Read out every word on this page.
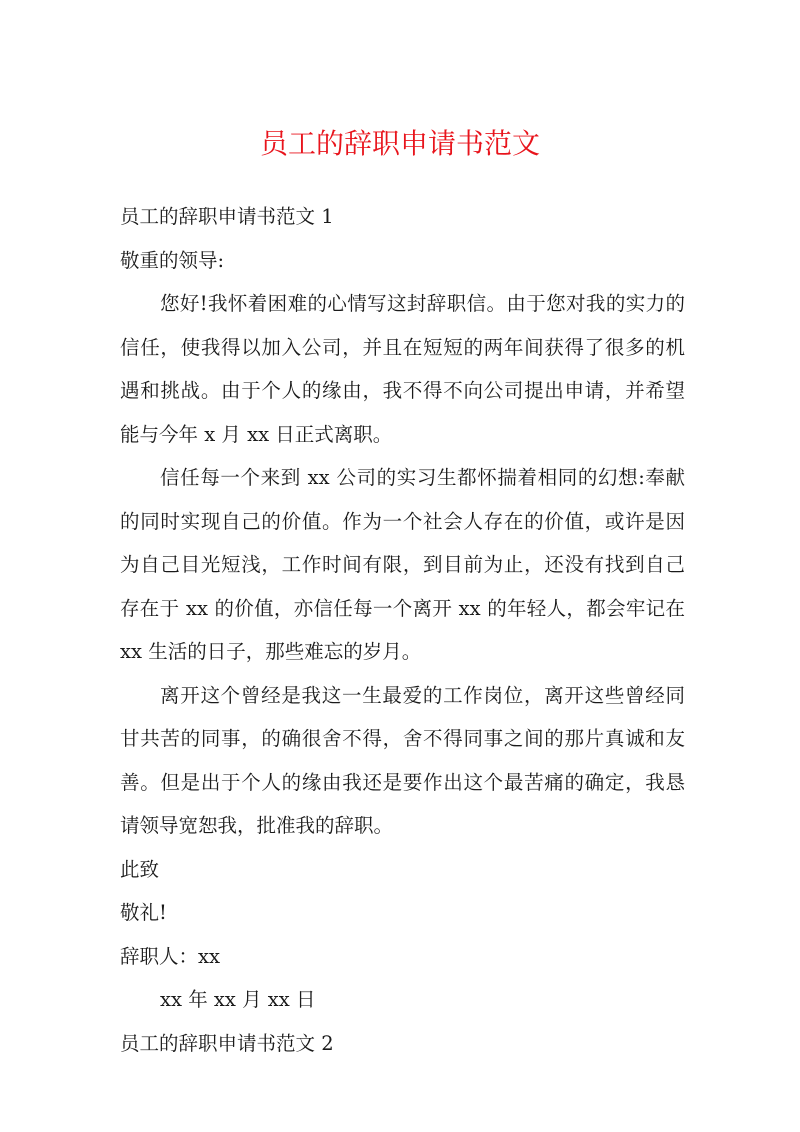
员工的辞职申请书范文

员工的辞职申请书范文 1

敬重的领导:

您好!我怀着困难的心情写这封辞职信。由于您对我的实力的信任，使我得以加入公司，并且在短短的两年间获得了很多的机遇和挑战。由于个人的缘由，我不得不向公司提出申请，并希望能与今年 x 月 xx 日正式离职。

信任每一个来到 xx 公司的实习生都怀揣着相同的幻想:奉献的同时实现自己的价值。作为一个社会人存在的价值，或许是因为自己目光短浅，工作时间有限，到目前为止，还没有找到自己存在于 xx 的价值，亦信任每一个离开 xx 的年轻人，都会牢记在 xx 生活的日子，那些难忘的岁月。

离开这个曾经是我这一生最爱的工作岗位，离开这些曾经同甘共苦的同事，的确很舍不得，舍不得同事之间的那片真诚和友善。但是出于个人的缘由我还是要作出这个最苦痛的确定，我恳请领导宽恕我，批准我的辞职。

此致

敬礼!

辞职人：xx

xx 年 xx 月 xx 日

员工的辞职申请书范文 2
